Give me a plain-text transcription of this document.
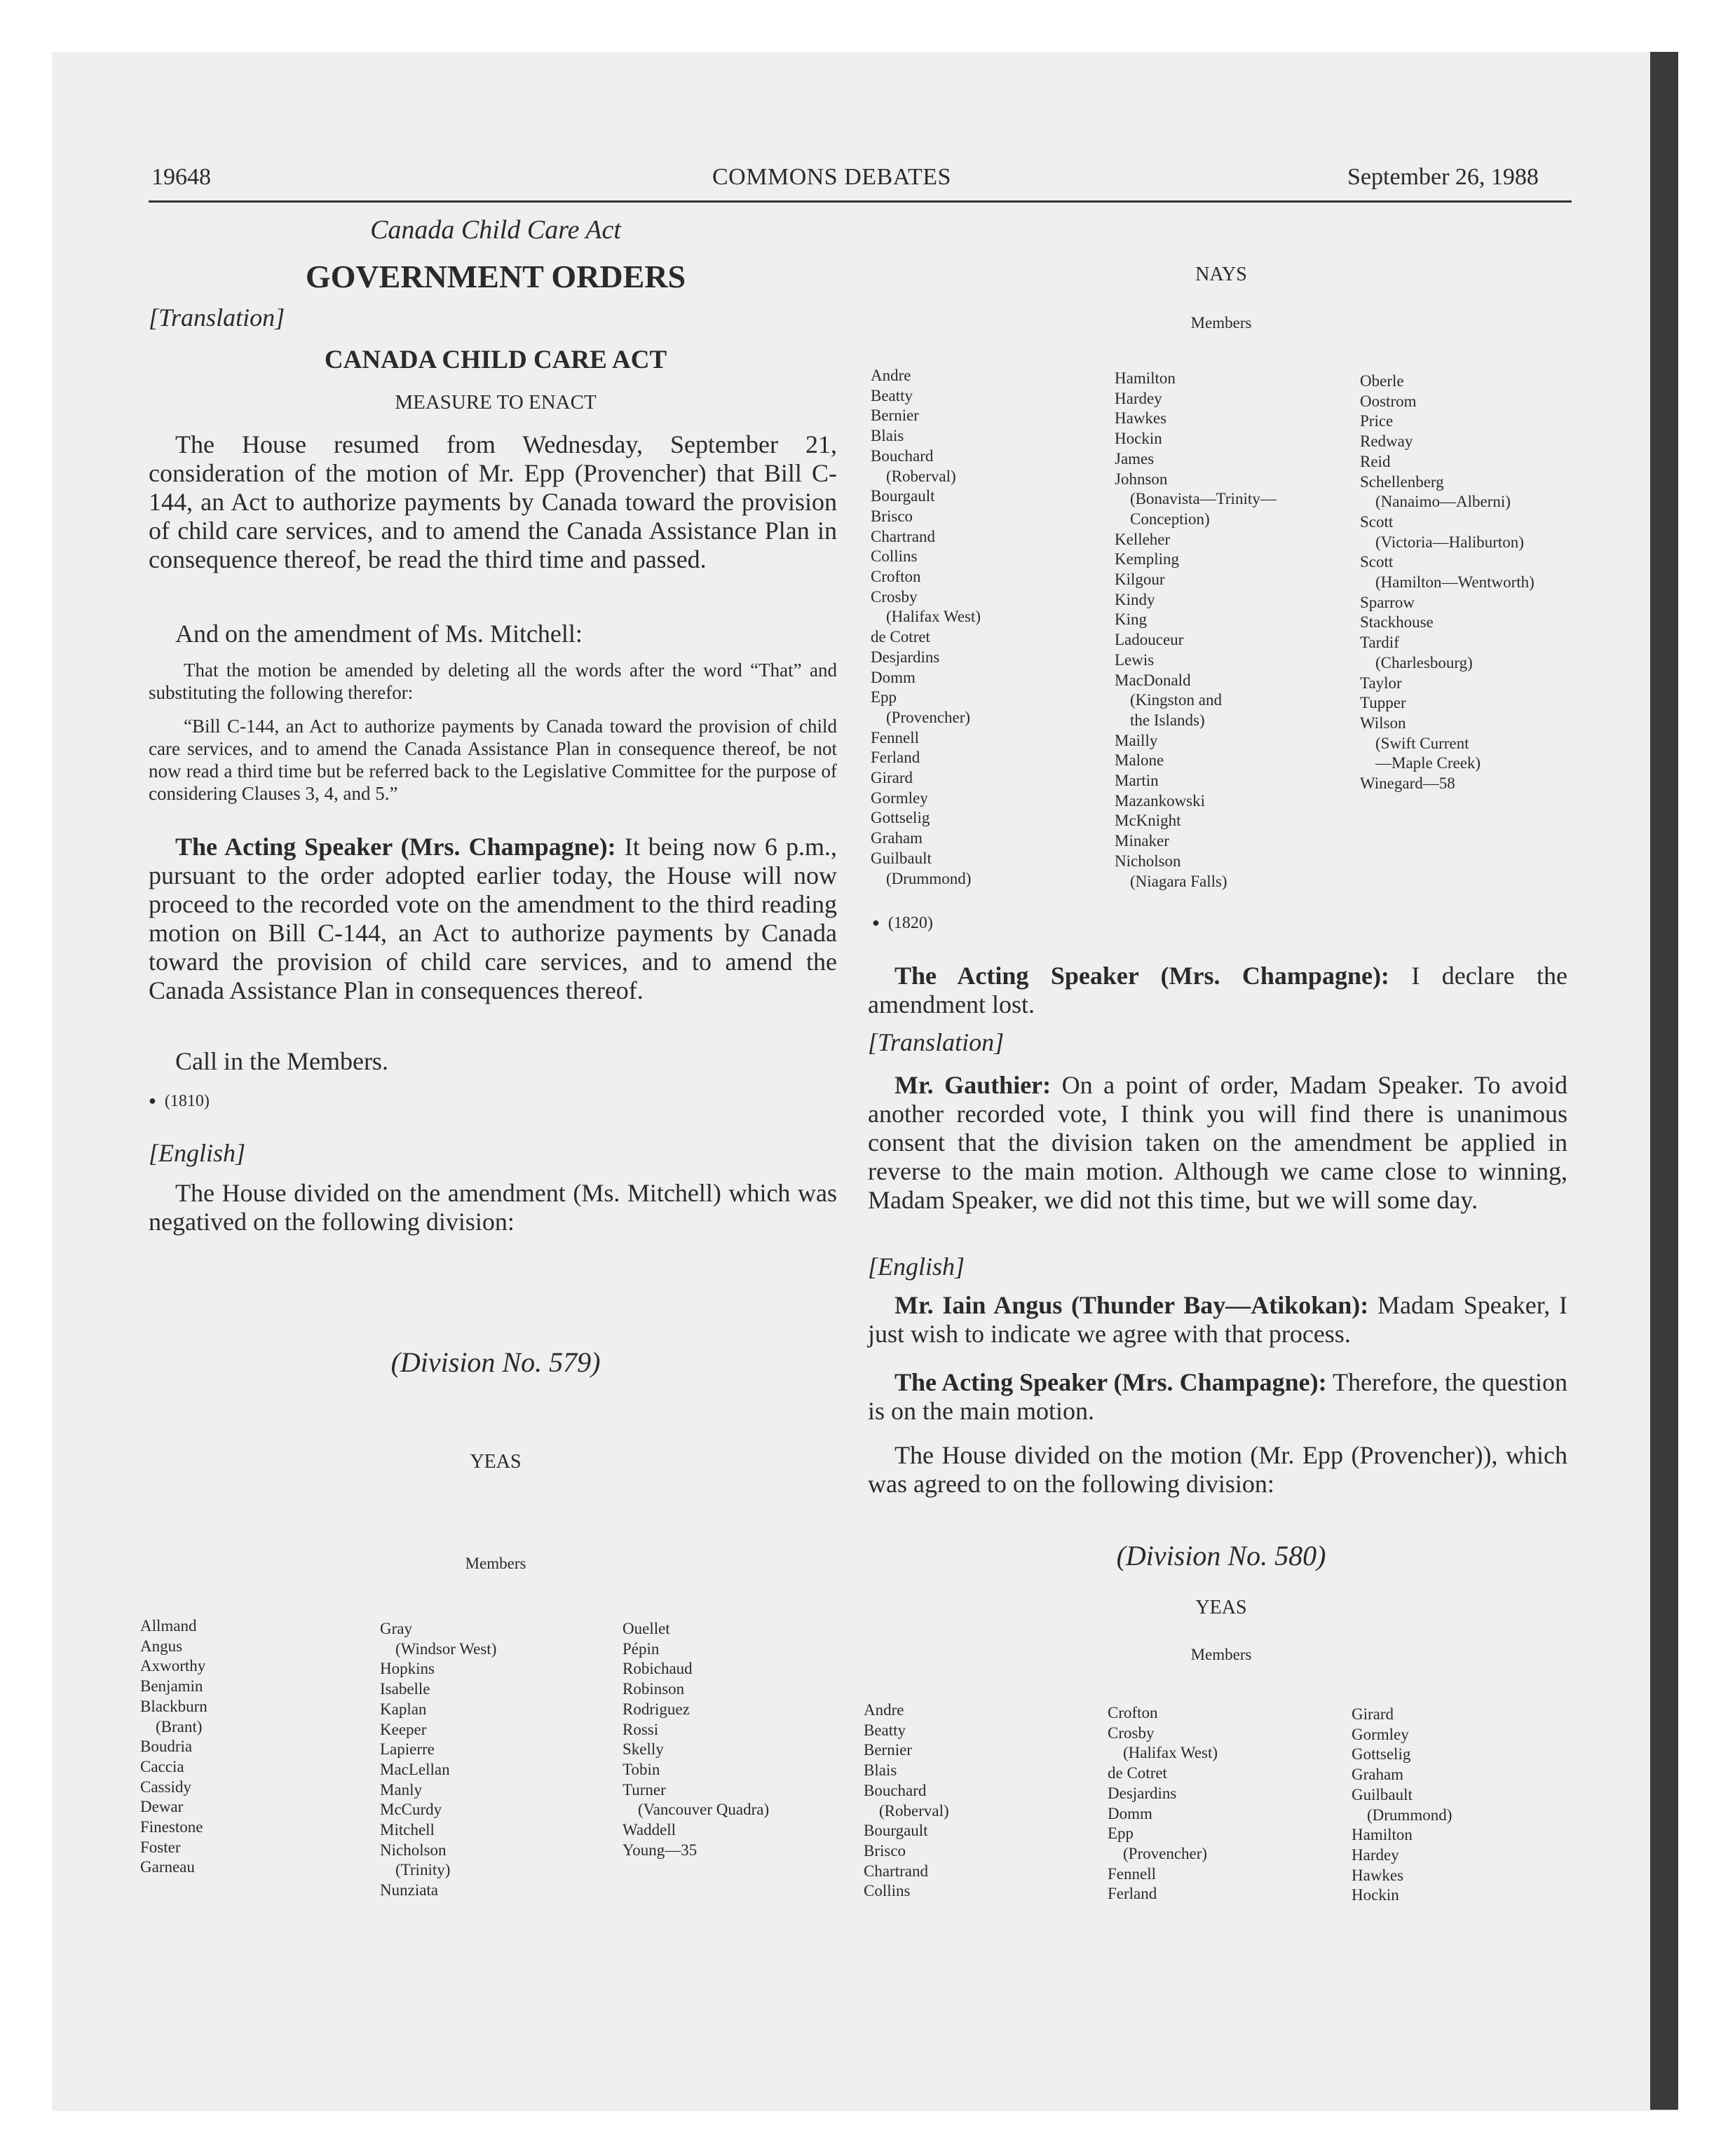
19648	COMMONS DEBATES	September 26, 1988
Canada Child Care Act
GOVERNMENT ORDERS
[Translation]
CANADA CHILD CARE ACT
MEASURE TO ENACT

The House resumed from Wednesday, September 21, consideration of the motion of Mr. Epp (Provencher) that Bill C-144, an Act to authorize payments by Canada toward the provision of child care services, and to amend the Canada Assistance Plan in consequence thereof, be read the third time and passed.

And on the amendment of Ms. Mitchell:

That the motion be amended by deleting all the words after the word “That” and substituting the following therefor:

“Bill C-144, an Act to authorize payments by Canada toward the provision of child care services, and to amend the Canada Assistance Plan in consequence thereof, be not now read a third time but be referred back to the Legislative Committee for the purpose of considering Clauses 3, 4, and 5.”

The Acting Speaker (Mrs. Champagne): It being now 6 p.m., pursuant to the order adopted earlier today, the House will now proceed to the recorded vote on the amendment to the third reading motion on Bill C-144, an Act to authorize payments by Canada toward the provision of child care services, and to amend the Canada Assistance Plan in consequences thereof.

Call in the Members.

● (1810)
[English]

The House divided on the amendment (Ms. Mitchell) which was negatived on the following division:

(Division No. 579)
YEAS
Members
Allmand
Angus
Axworthy
Benjamin
Blackburn
(Brant)
Boudria
Caccia
Cassidy
Dewar
Finestone
Foster
Garneau
Gray
(Windsor West)
Hopkins
Isabelle
Kaplan
Keeper
Lapierre
MacLellan
Manly
McCurdy
Mitchell
Nicholson
(Trinity)
Nunziata
Ouellet
Pépin
Robichaud
Robinson
Rodriguez
Rossi
Skelly
Tobin
Turner
(Vancouver Quadra)
Waddell
Young—35
NAYS
Members
Andre
Beatty
Bernier
Blais
Bouchard
(Roberval)
Bourgault
Brisco
Chartrand
Collins
Crofton
Crosby
(Halifax West)
de Cotret
Desjardins
Domm
Epp
(Provencher)
Fennell
Ferland
Girard
Gormley
Gottselig
Graham
Guilbault
(Drummond)
Hamilton
Hardey
Hawkes
Hockin
James
Johnson
(Bonavista—Trinity—
Conception)
Kelleher
Kempling
Kilgour
Kindy
King
Ladouceur
Lewis
MacDonald
(Kingston and
the Islands)
Mailly
Malone
Martin
Mazankowski
McKnight
Minaker
Nicholson
(Niagara Falls)
Oberle
Oostrom
Price
Redway
Reid
Schellenberg
(Nanaimo—Alberni)
Scott
(Victoria—Haliburton)
Scott
(Hamilton—Wentworth)
Sparrow
Stackhouse
Tardif
(Charlesbourg)
Taylor
Tupper
Wilson
(Swift Current
—Maple Creek)
Winegard—58
● (1820)

The Acting Speaker (Mrs. Champagne): I declare the amendment lost.

[Translation]

Mr. Gauthier: On a point of order, Madam Speaker. To avoid another recorded vote, I think you will find there is unanimous consent that the division taken on the amendment be applied in reverse to the main motion. Although we came close to winning, Madam Speaker, we did not this time, but we will some day.

[English]

Mr. Iain Angus (Thunder Bay—Atikokan): Madam Speaker, I just wish to indicate we agree with that process.

The Acting Speaker (Mrs. Champagne): Therefore, the question is on the main motion.

The House divided on the motion (Mr. Epp (Provencher)), which was agreed to on the following division:

(Division No. 580)
YEAS
Members
Andre
Beatty
Bernier
Blais
Bouchard
(Roberval)
Bourgault
Brisco
Chartrand
Collins
Crofton
Crosby
(Halifax West)
de Cotret
Desjardins
Domm
Epp
(Provencher)
Fennell
Ferland
Girard
Gormley
Gottselig
Graham
Guilbault
(Drummond)
Hamilton
Hardey
Hawkes
Hockin
